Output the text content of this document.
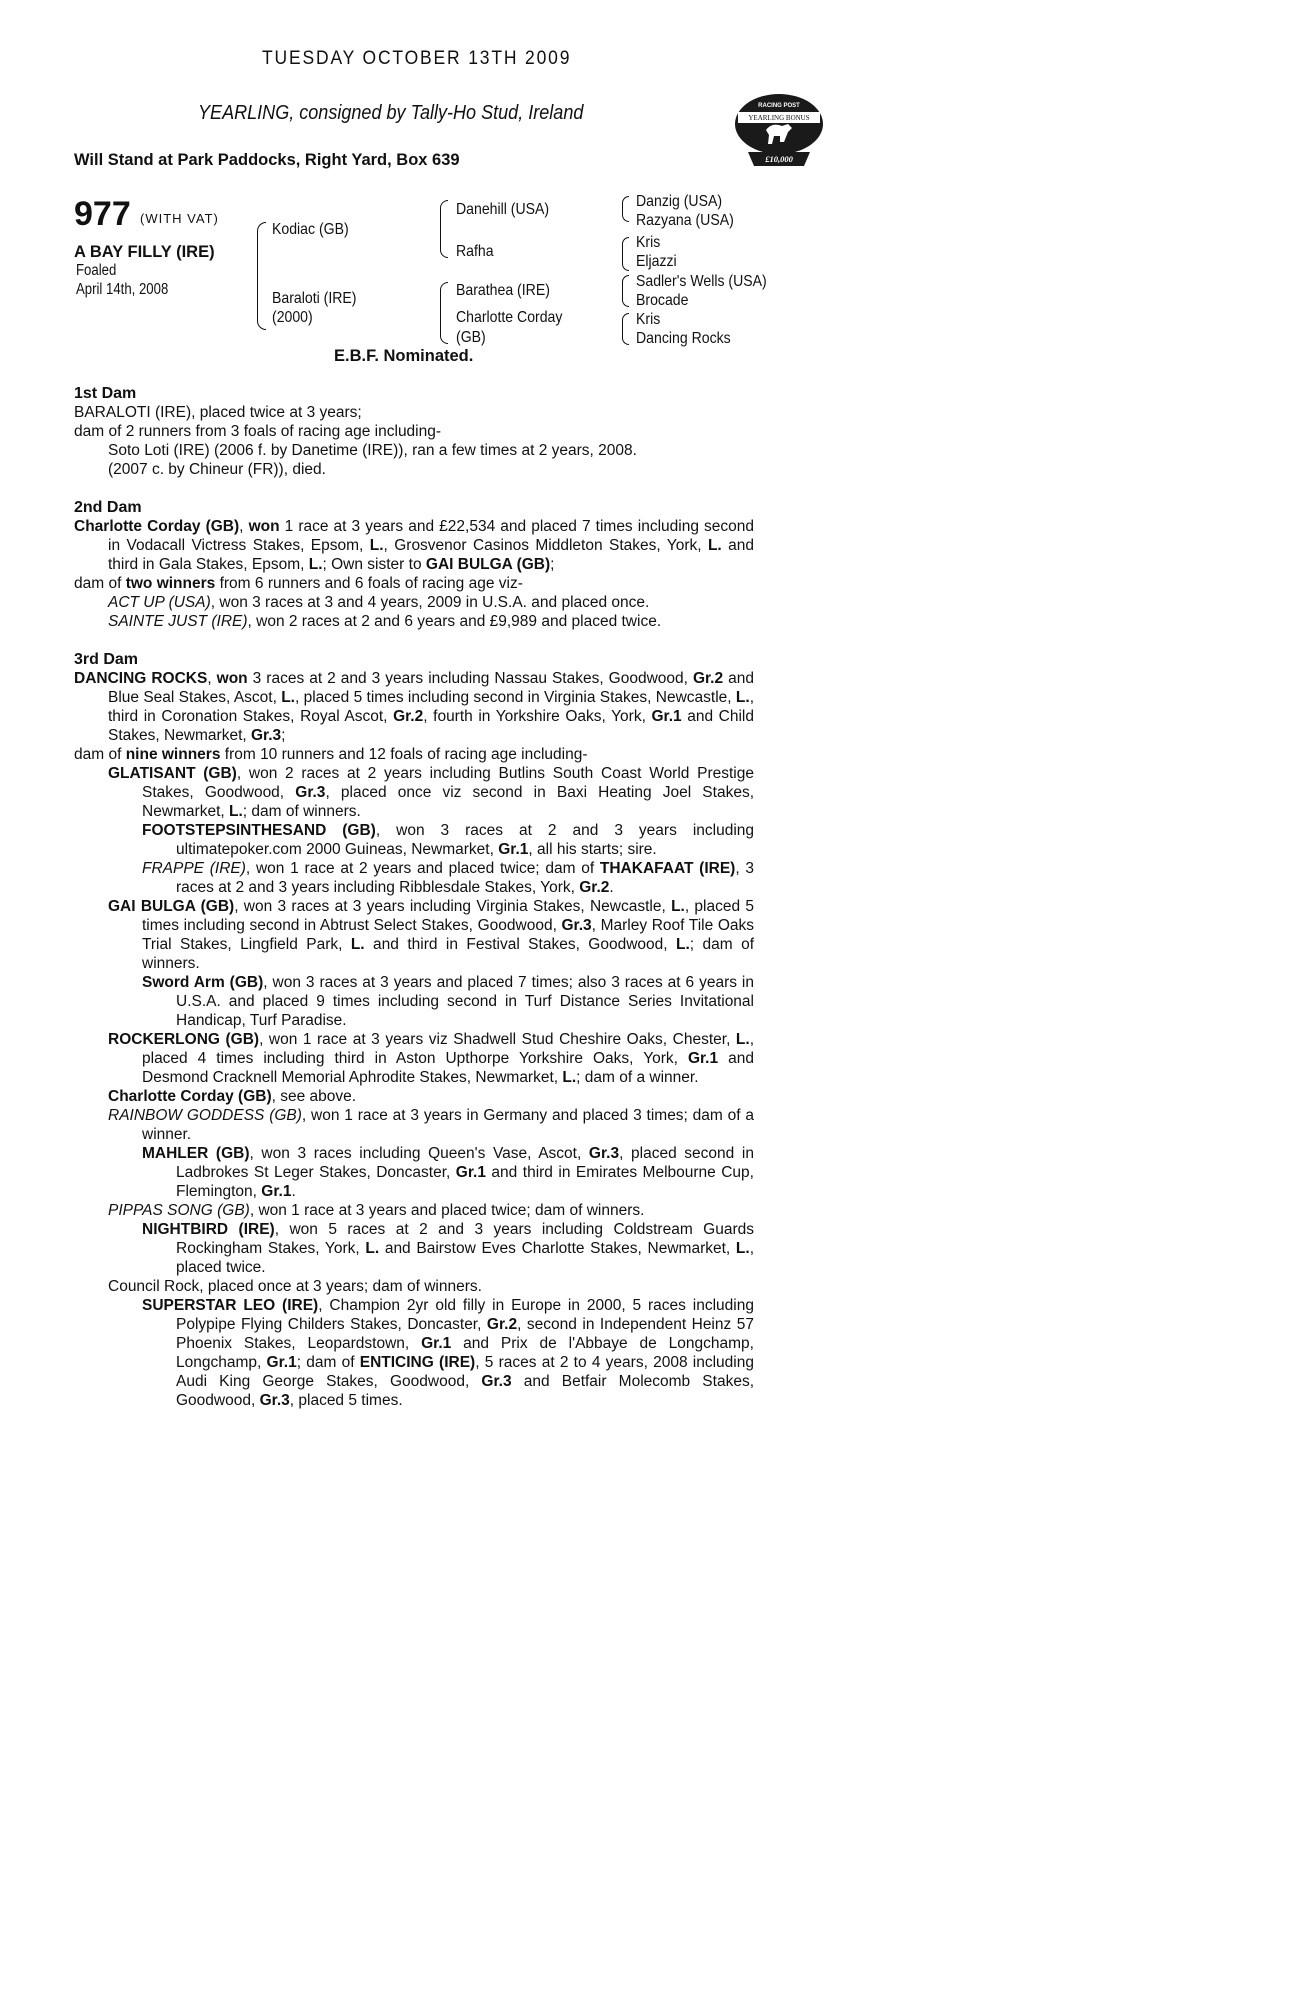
TUESDAY OCTOBER 13TH 2009
YEARLING, consigned by Tally-Ho Stud, Ireland
Will Stand at Park Paddocks, Right Yard, Box 639
RACING POST
YEARLING BONUS
£10,000
977 (WITH VAT)
A BAY FILLY (IRE)
Foaled
April 14th, 2008
Kodiac (GB)
Baraloti (IRE)
(2000)
Danehill (USA)
Rafha
Barathea (IRE)
Charlotte Corday
(GB)
Danzig (USA)
Razyana (USA)
Kris
Eljazzi
Sadler's Wells (USA)
Brocade
Kris
Dancing Rocks
E.B.F. Nominated.
1st Dam
BARALOTI (IRE), placed twice at 3 years;
dam of 2 runners from 3 foals of racing age including-
Soto Loti (IRE) (2006 f. by Danetime (IRE)), ran a few times at 2 years, 2008.
(2007 c. by Chineur (FR)), died.
2nd Dam

Charlotte Corday (GB), won 1 race at 3 years and £22,534 and placed 7 times including second in Vodacall Victress Stakes, Epsom, L., Grosvenor Casinos Middleton Stakes, York, L. and third in Gala Stakes, Epsom, L.; Own sister to GAI BULGA (GB);

dam of two winners from 6 runners and 6 foals of racing age viz-
ACT UP (USA), won 3 races at 3 and 4 years, 2009 in U.S.A. and placed once.
SAINTE JUST (IRE), won 2 races at 2 and 6 years and £9,989 and placed twice.
3rd Dam

DANCING ROCKS, won 3 races at 2 and 3 years including Nassau Stakes, Goodwood, Gr.2 and Blue Seal Stakes, Ascot, L., placed 5 times including second in Virginia Stakes, Newcastle, L., third in Coronation Stakes, Royal Ascot, Gr.2, fourth in Yorkshire Oaks, York, Gr.1 and Child Stakes, Newmarket, Gr.3;

dam of nine winners from 10 runners and 12 foals of racing age including-

GLATISANT (GB), won 2 races at 2 years including Butlins South Coast World Prestige Stakes, Goodwood, Gr.3, placed once viz second in Baxi Heating Joel Stakes, Newmarket, L.; dam of winners.

FOOTSTEPSINTHESAND (GB), won 3 races at 2 and 3 years including ultimatepoker.com 2000 Guineas, Newmarket, Gr.1, all his starts; sire.

FRAPPE (IRE), won 1 race at 2 years and placed twice; dam of THAKAFAAT (IRE), 3 races at 2 and 3 years including Ribblesdale Stakes, York, Gr.2.

GAI BULGA (GB), won 3 races at 3 years including Virginia Stakes, Newcastle, L., placed 5 times including second in Abtrust Select Stakes, Goodwood, Gr.3, Marley Roof Tile Oaks Trial Stakes, Lingfield Park, L. and third in Festival Stakes, Goodwood, L.; dam of winners.

Sword Arm (GB), won 3 races at 3 years and placed 7 times; also 3 races at 6 years in U.S.A. and placed 9 times including second in Turf Distance Series Invitational Handicap, Turf Paradise.

ROCKERLONG (GB), won 1 race at 3 years viz Shadwell Stud Cheshire Oaks, Chester, L., placed 4 times including third in Aston Upthorpe Yorkshire Oaks, York, Gr.1 and Desmond Cracknell Memorial Aphrodite Stakes, Newmarket, L.; dam of a winner.

Charlotte Corday (GB), see above.

RAINBOW GODDESS (GB), won 1 race at 3 years in Germany and placed 3 times; dam of a winner.

MAHLER (GB), won 3 races including Queen's Vase, Ascot, Gr.3, placed second in Ladbrokes St Leger Stakes, Doncaster, Gr.1 and third in Emirates Melbourne Cup, Flemington, Gr.1.

PIPPAS SONG (GB), won 1 race at 3 years and placed twice; dam of winners.

NIGHTBIRD (IRE), won 5 races at 2 and 3 years including Coldstream Guards Rockingham Stakes, York, L. and Bairstow Eves Charlotte Stakes, Newmarket, L., placed twice.

Council Rock, placed once at 3 years; dam of winners.

SUPERSTAR LEO (IRE), Champion 2yr old filly in Europe in 2000, 5 races including Polypipe Flying Childers Stakes, Doncaster, Gr.2, second in Independent Heinz 57 Phoenix Stakes, Leopardstown, Gr.1 and Prix de l'Abbaye de Longchamp, Longchamp, Gr.1; dam of ENTICING (IRE), 5 races at 2 to 4 years, 2008 including Audi King George Stakes, Goodwood, Gr.3 and Betfair Molecomb Stakes, Goodwood, Gr.3, placed 5 times.
